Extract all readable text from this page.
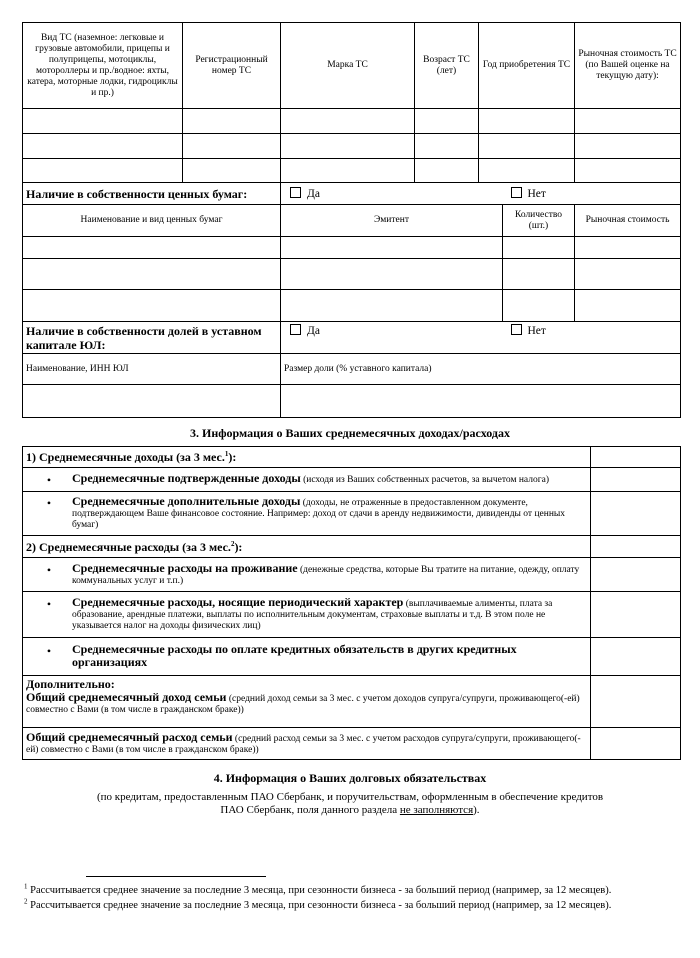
Вид ТС (наземное: легковые и грузовые автомобили, прицепы и полуприцепы, мотоциклы, мотороллеры и пр./водное: яхты, катера, моторные лодки, гидроциклы и пр.)	Регистрационный номер ТС	Марка ТС	Возраст ТС (лет)	Год приобретения ТС	Рыночная стоимость ТС (по Вашей оценке на текущую дату):

Наличие в собственности ценных бумаг:	Да Нет		

Наименование и вид ценных бумаг	Эмитент	Количество (шт.)	Рыночная стоимость

Наличие в собственности долей в уставном капитале ЮЛ:	Да Нет

Наименование, ИНН ЮЛ	Размер доли (% уставного капитала)

3. Информация о Ваших среднемесячных доходах/расходах
1) Среднемесячные доходы (за 3 мес.$^1$):	

• Среднемесячные подтвержденные доходы (исходя из Ваших собственных расчетов, за вычетом налога)	

• Среднемесячные дополнительные доходы (доходы, не отраженные в предоставленном документе, подтверждающем Ваше финансовое состояние. Например: доход от сдачи в аренду недвижимости, дивиденды от ценных бумаг)	

2) Среднемесячные расходы (за 3 мес.$^2$):	

• Среднемесячные расходы на проживание (денежные средства, которые Вы тратите на питание, одежду, оплату коммунальных услуг и т.п.)	

• Среднемесячные расходы, носящие периодический характер (выплачиваемые алименты, плата за образование, арендные платежи, выплаты по исполнительным документам, страховые выплаты и т.д. В этом поле не указывается налог на доходы физических лиц)	

• Среднемесячные расходы по оплате кредитных обязательств в других кредитных организациях	

Дополнительно:
Общий среднемесячный доход семьи (средний доход семьи за 3 мес. с учетом доходов супруга/супруги, проживающего(-ей) совместно с Вами (в том числе в гражданском браке))	

Общий среднемесячный расход семьи (средний расход семьи за 3 мес. с учетом расходов супруга/супруги, проживающего(-ей) совместно с Вами (в том числе в гражданском браке))	
4. Информация о Ваших долговых обязательствах
(по кредитам, предоставленным ПАО Сбербанк, и поручительствам, оформленным в обеспечение кредитов
ПАО Сбербанк, поля данного раздела не заполняются).
$^1$ Рассчитывается среднее значение за последние 3 месяца, при сезонности бизнеса - за больший период (например, за 12 месяцев).
$^2$ Рассчитывается среднее значение за последние 3 месяца, при сезонности бизнеса - за больший период (например, за 12 месяцев).
